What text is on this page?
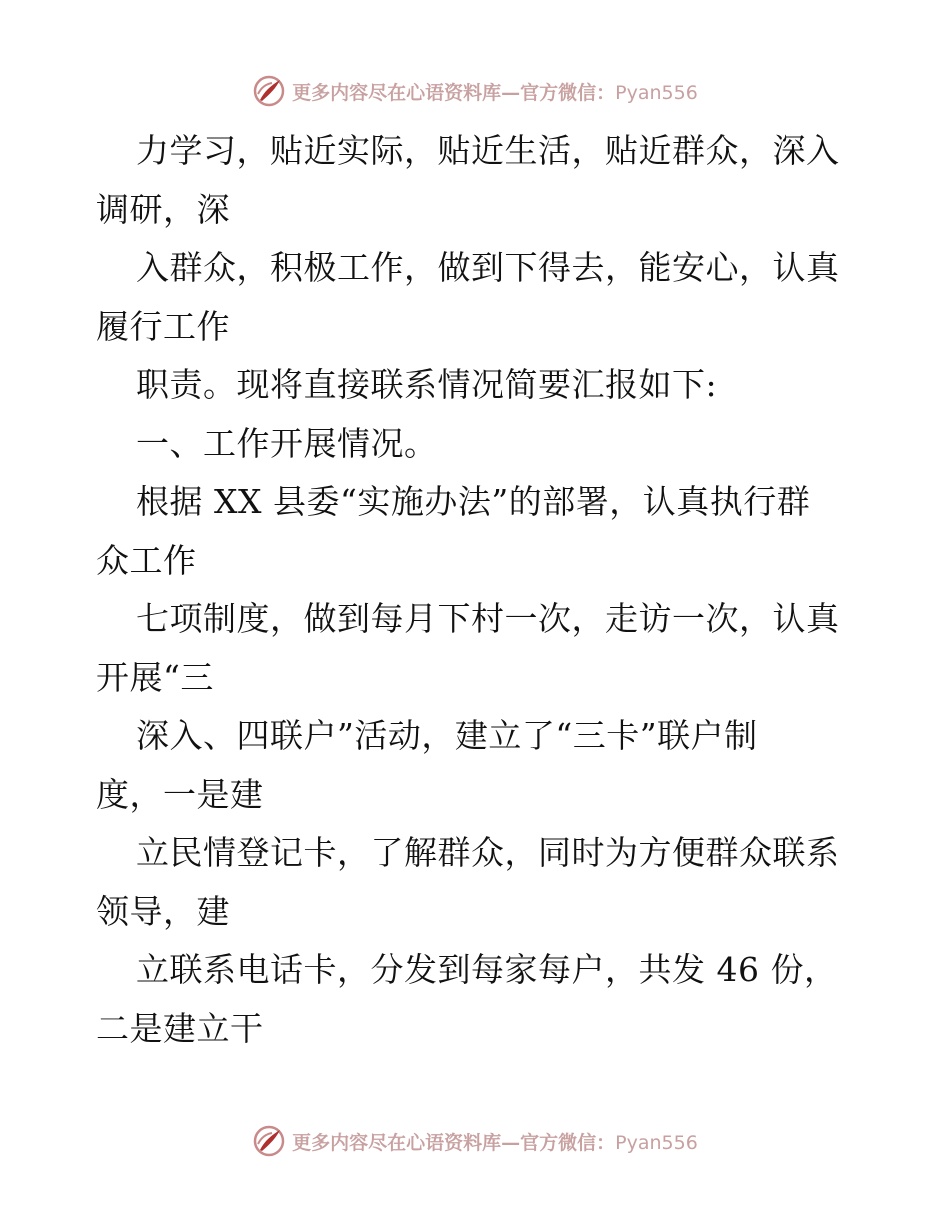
更多内容尽在心语资料库—官方微信：Pyan556
力学习，贴近实际，贴近生活，贴近群众，深入
调研，深
入群众，积极工作，做到下得去，能安心，认真
履行工作
职责。现将直接联系情况简要汇报如下:
一、工作开展情况。
根据 XX 县委“实施办法”的部署，认真执行群
众工作
七项制度，做到每月下村一次，走访一次，认真
开展“三
深入、四联户”活动，建立了“三卡”联户制
度，一是建
立民情登记卡，了解群众，同时为方便群众联系
领导，建
立联系电话卡，分发到每家每户，共发 46 份，
二是建立干
更多内容尽在心语资料库—官方微信：Pyan556
